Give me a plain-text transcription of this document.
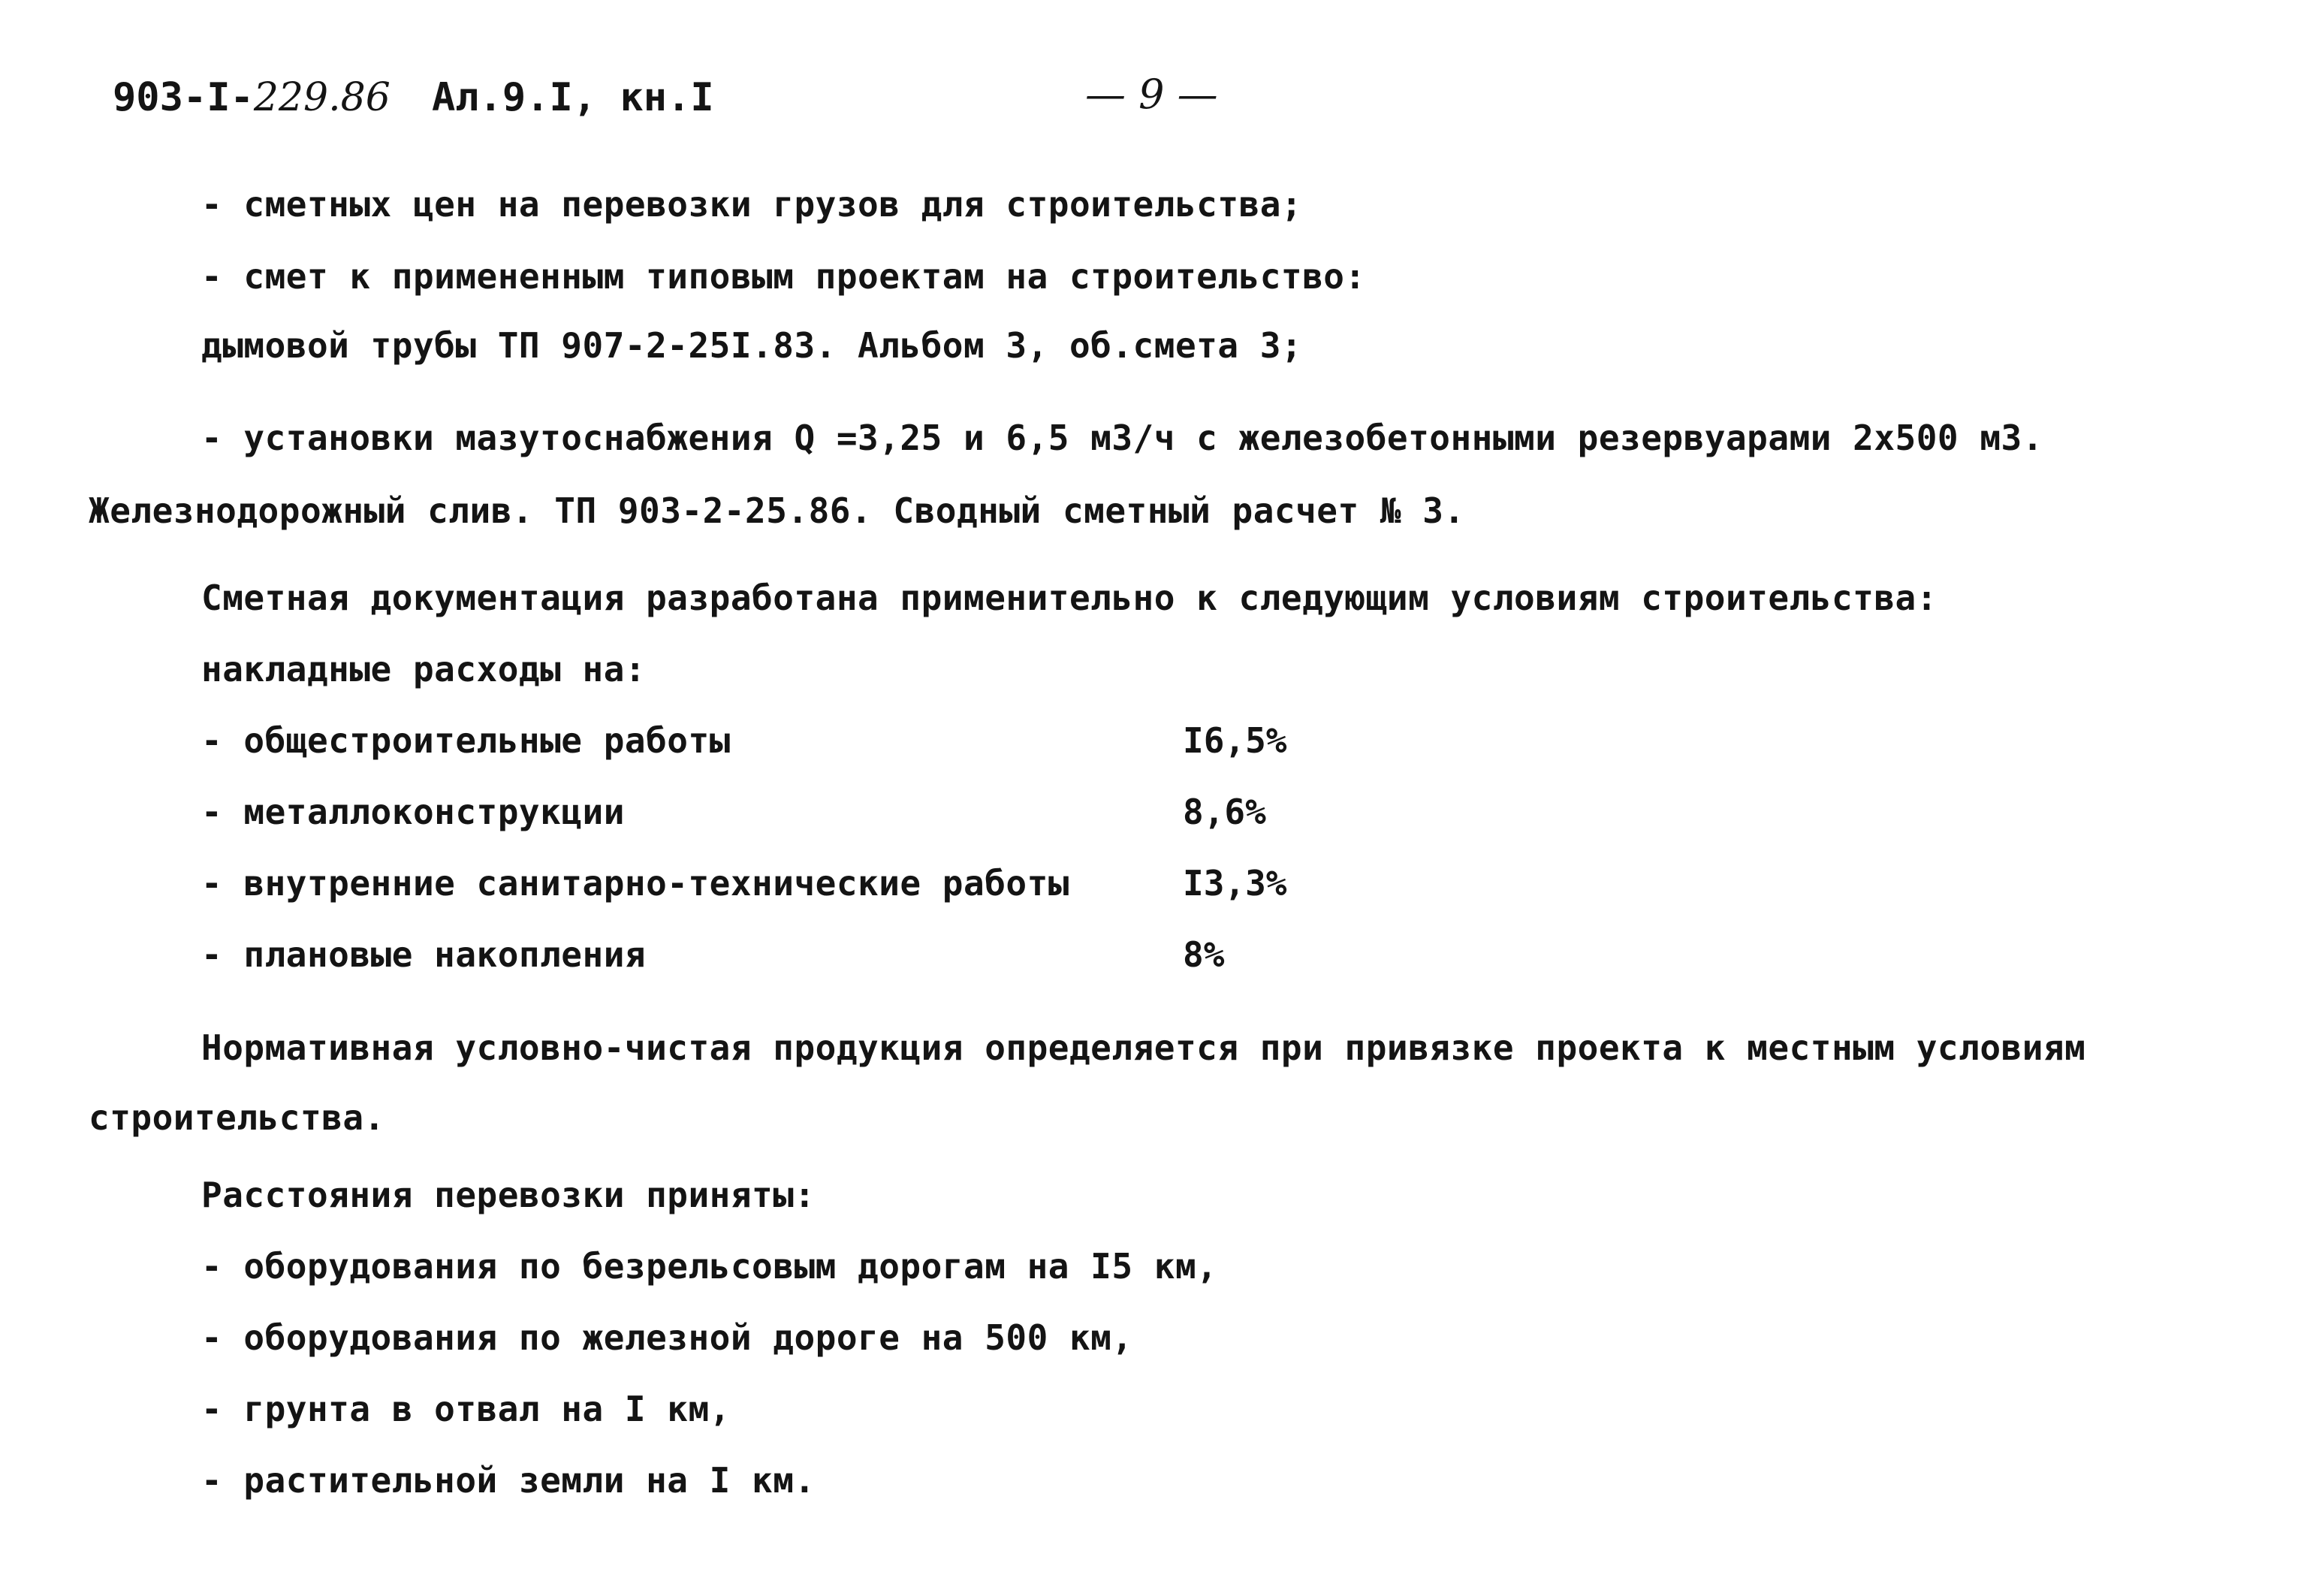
903-I-229.86 Ал.9.I, кн.I	— 9 —
- сметных цен на перевозки грузов для строительства;
- смет к примененным типовым проектам на строительство:
дымовой трубы ТП 907-2-25I.83. Альбом 3, об.смета 3;
- установки мазутоснабжения Q =3,25 и 6,5 м3/ч с железобетонными резервуарами 2х500 м3.
Железнодорожный слив. ТП 903-2-25.86. Сводный сметный расчет № 3.
Сметная документация разработана применительно к следующим условиям строительства:
накладные расходы на:
- общестроительные работы	I6,5%
- металлоконструкции	8,6%
- внутренние санитарно-технические работы	I3,3%
- плановые накопления	8%
Нормативная условно-чистая продукция определяется при привязке проекта к местным условиям
строительства.
Расстояния перевозки приняты:
- оборудования по безрельсовым дорогам на I5 км,
- оборудования по железной дороге на 500 км,
- грунта в отвал на I км,
- растительной земли на I км.
